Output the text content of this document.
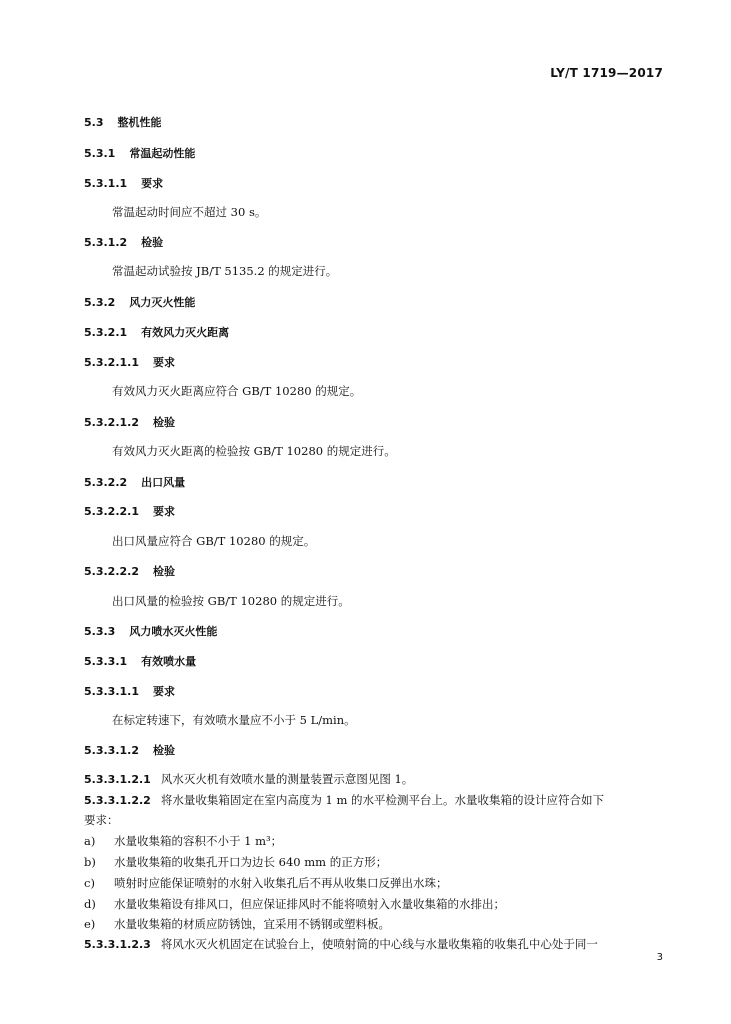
LY/T 1719—2017
5.3 整机性能
5.3.1 常温起动性能
5.3.1.1 要求
常温起动时间应不超过 30 s。
5.3.1.2 检验
常温起动试验按 JB/T 5135.2 的规定进行。
5.3.2 风力灭火性能
5.3.2.1 有效风力灭火距离
5.3.2.1.1 要求
有效风力灭火距离应符合 GB/T 10280 的规定。
5.3.2.1.2 检验
有效风力灭火距离的检验按 GB/T 10280 的规定进行。
5.3.2.2 出口风量
5.3.2.2.1 要求
出口风量应符合 GB/T 10280 的规定。
5.3.2.2.2 检验
出口风量的检验按 GB/T 10280 的规定进行。
5.3.3 风力喷水灭火性能
5.3.3.1 有效喷水量
5.3.3.1.1 要求
在标定转速下，有效喷水量应不小于 5 L/min。
5.3.3.1.2 检验
5.3.3.1.2.1 风水灭火机有效喷水量的测量装置示意图见图 1。
5.3.3.1.2.2 将水量收集箱固定在室内高度为 1 m 的水平检测平台上。水量收集箱的设计应符合如下
要求：
a) 水量收集箱的容积不小于 1 m³；
b) 水量收集箱的收集孔开口为边长 640 mm 的正方形；
c) 喷射时应能保证喷射的水射入收集孔后不再从收集口反弹出水珠；
d) 水量收集箱设有排风口，但应保证排风时不能将喷射入水量收集箱的水排出；
e) 水量收集箱的材质应防锈蚀，宜采用不锈钢或塑料板。
5.3.3.1.2.3 将风水灭火机固定在试验台上，使喷射筒的中心线与水量收集箱的收集孔中心处于同一
3
